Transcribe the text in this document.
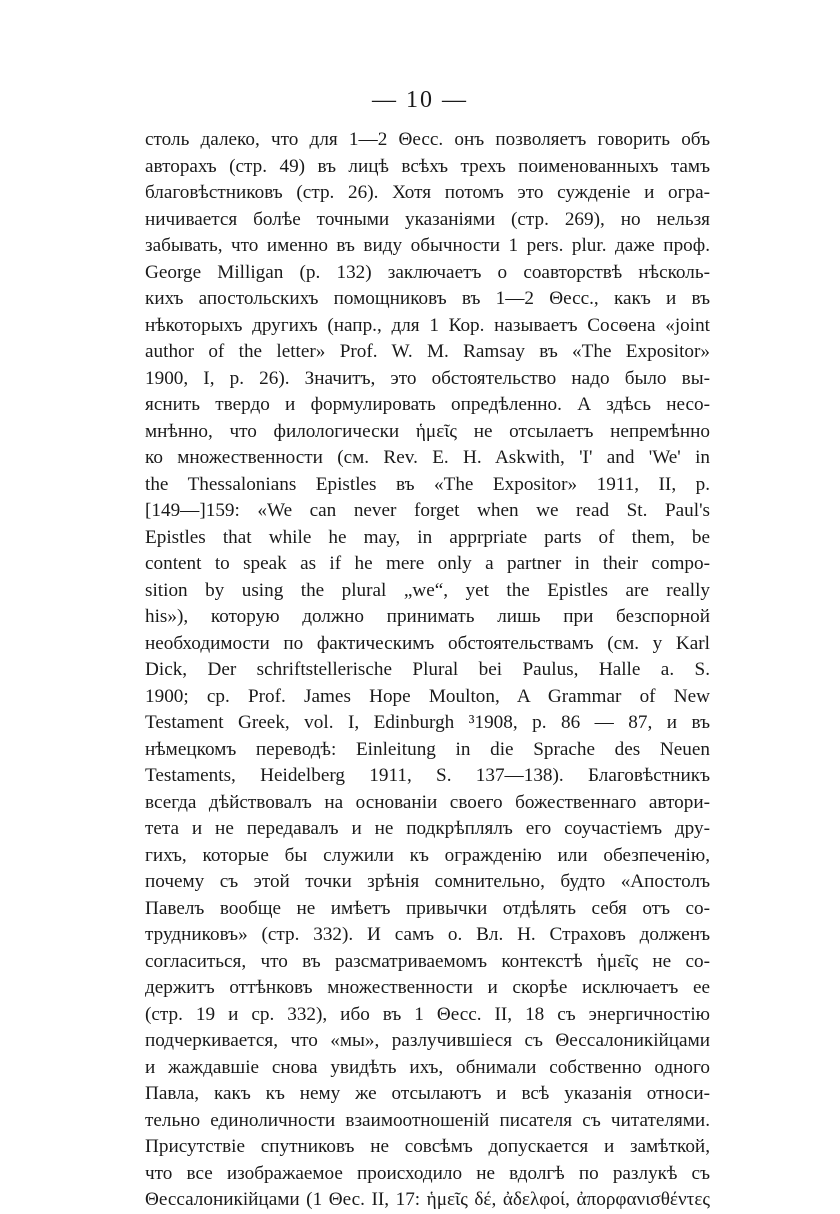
— 10 —
столь далеко, что для 1—2 Θесс. онъ позволяетъ говорить объ
авторахъ (стр. 49) въ лицѣ всѣхъ трехъ поименованныхъ тамъ
благовѣстниковъ (стр. 26). Хотя потомъ это сужденіе и огра-
ничивается болѣе точными указаніями (стр. 269), но нельзя
забывать, что именно въ виду обычности 1 pers. plur. даже проф.
George Milligan (p. 132) заключаетъ о соавторствѣ нѣсколь-
кихъ апостольскихъ помощниковъ въ 1—2 Θесс., какъ и въ
нѣкоторыхъ другихъ (напр., для 1 Кор. называетъ Сосѳена «joint
author of the letter» Prof. W. M. Ramsay въ «The Expositor»
1900, I, p. 26). Значитъ, это обстоятельство надо было вы-
яснить твердо и формулировать опредѣленно. А здѣсь несо-
мнѣнно, что филологически ἡμεῖς не отсылаетъ непремѣнно
ко множественности (см. Rev. E. H. Askwith, 'I' and 'We' in
the Thessalonians Epistles въ «The Expositor» 1911, II, p.
[149—]159: «We can never forget when we read St. Paul's
Epistles that while he may, in apprpriate parts of them, be
content to speak as if he mere only a partner in their compo-
sition by using the plural „we“, yet the Epistles are really
his»), которую должно принимать лишь при безспорной
необходимости по фактическимъ обстоятельствамъ (см. у Karl
Dick, Der schriftstellerische Plural bei Paulus, Halle a. S.
1900; cp. Prof. James Hope Moulton, A Grammar of New
Testament Greek, vol. I, Edinburgh ³1908, p. 86 — 87, и въ
нѣмецкомъ переводѣ: Einleitung in die Sprache des Neuen
Testaments, Heidelberg 1911, S. 137—138). Благовѣстникъ
всегда дѣйствовалъ на основаніи своего божественнаго автори-
тета и не передавалъ и не подкрѣплялъ его соучастіемъ дру-
гихъ, которые бы служили къ огражденію или обезпеченію,
почему съ этой точки зрѣнія сомнительно, будто «Апостолъ
Павелъ вообще не имѣетъ привычки отдѣлять себя отъ со-
трудниковъ» (стр. 332). И самъ о. Вл. Н. Страховъ долженъ
согласиться, что въ разсматриваемомъ контекстѣ ἡμεῖς не со-
держитъ оттѣнковъ множественности и скорѣе исключаетъ ее
(стр. 19 и ср. 332), ибо въ 1 Θесс. II, 18 съ энергичностію
подчеркивается, что «мы», разлучившіеся съ Θессалоникійцами
и жаждавшіе снова увидѣть ихъ, обнимали собственно одного
Павла, какъ къ нему же отсылаютъ и всѣ указанія относи-
тельно единоличности взаимоотношеній писателя съ читателями.
Присутствіе спутниковъ не совсѣмъ допускается и замѣткой,
что все изображаемое происходило не вдолгѣ по разлукѣ съ
Θессалоникійцами (1 Θес. II, 17: ἡμεῖς δέ, ἀδελφοί, ἀπορφανισθέντες
